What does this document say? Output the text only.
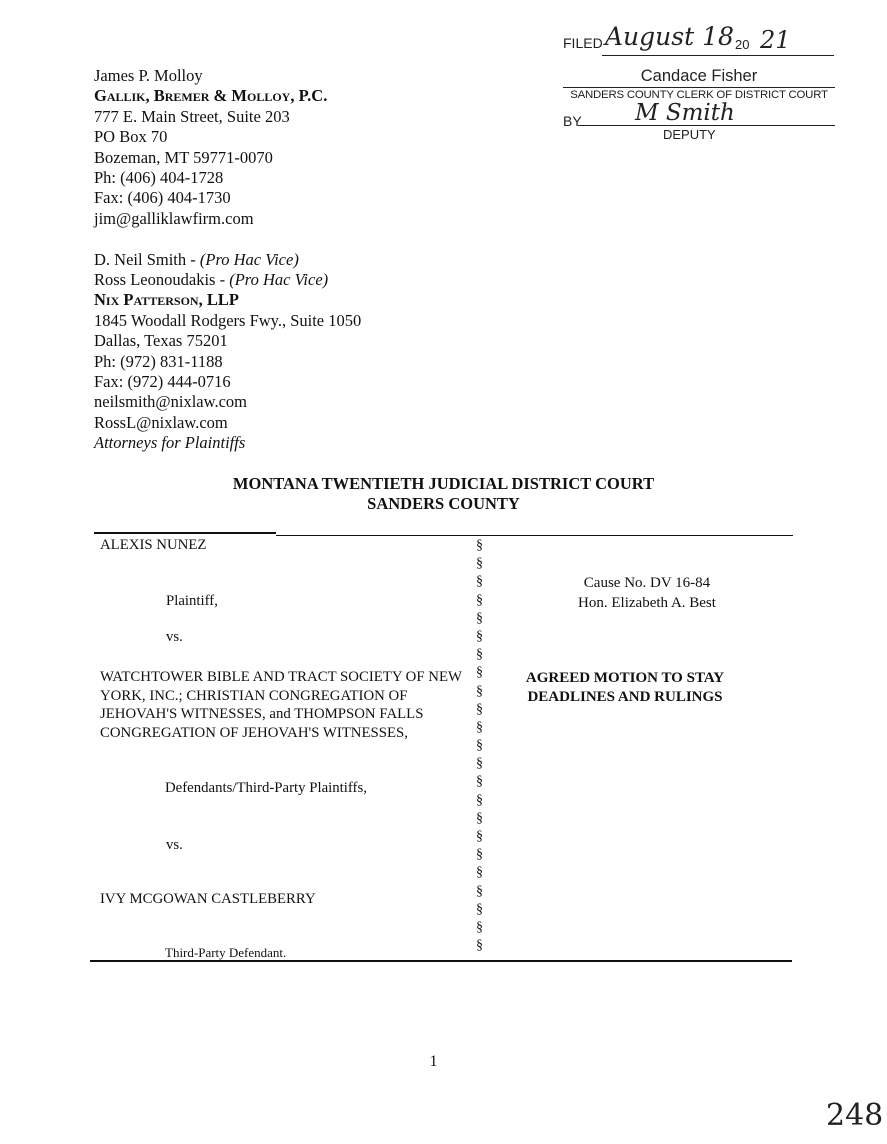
FILED August 18 20 21
Candace Fisher
SANDERS COUNTY CLERK OF DISTRICT COURT
BY M Smith
DEPUTY
James P. Molloy
Gallik, Bremer & Molloy, P.C.
777 E. Main Street, Suite 203
PO Box 70
Bozeman, MT 59771-0070
Ph: (406) 404-1728
Fax: (406) 404-1730
jim@galliklawfirm.com
D. Neil Smith - (Pro Hac Vice)
Ross Leonoudakis - (Pro Hac Vice)
Nix Patterson, LLP
1845 Woodall Rodgers Fwy., Suite 1050
Dallas, Texas 75201
Ph: (972) 831-1188
Fax: (972) 444-0716
neilsmith@nixlaw.com
RossL@nixlaw.com
Attorneys for Plaintiffs
MONTANA TWENTIETH JUDICIAL DISTRICT COURT
SANDERS COUNTY
ALEXIS NUNEZ
Plaintiff,
vs.
WATCHTOWER BIBLE AND TRACT SOCIETY OF NEW YORK, INC.; CHRISTIAN CONGREGATION OF JEHOVAH'S WITNESSES, and THOMPSON FALLS CONGREGATION OF JEHOVAH'S WITNESSES,
Defendants/Third-Party Plaintiffs,
vs.
IVY MCGOWAN CASTLEBERRY
Third-Party Defendant.
§
§
§
§
§
§
§
§
§
§
§
§
§
§
§
§
§
§
§
§
§
§
§
Cause No. DV 16-84
Hon. Elizabeth A. Best
AGREED MOTION TO STAY DEADLINES AND RULINGS
1
248
